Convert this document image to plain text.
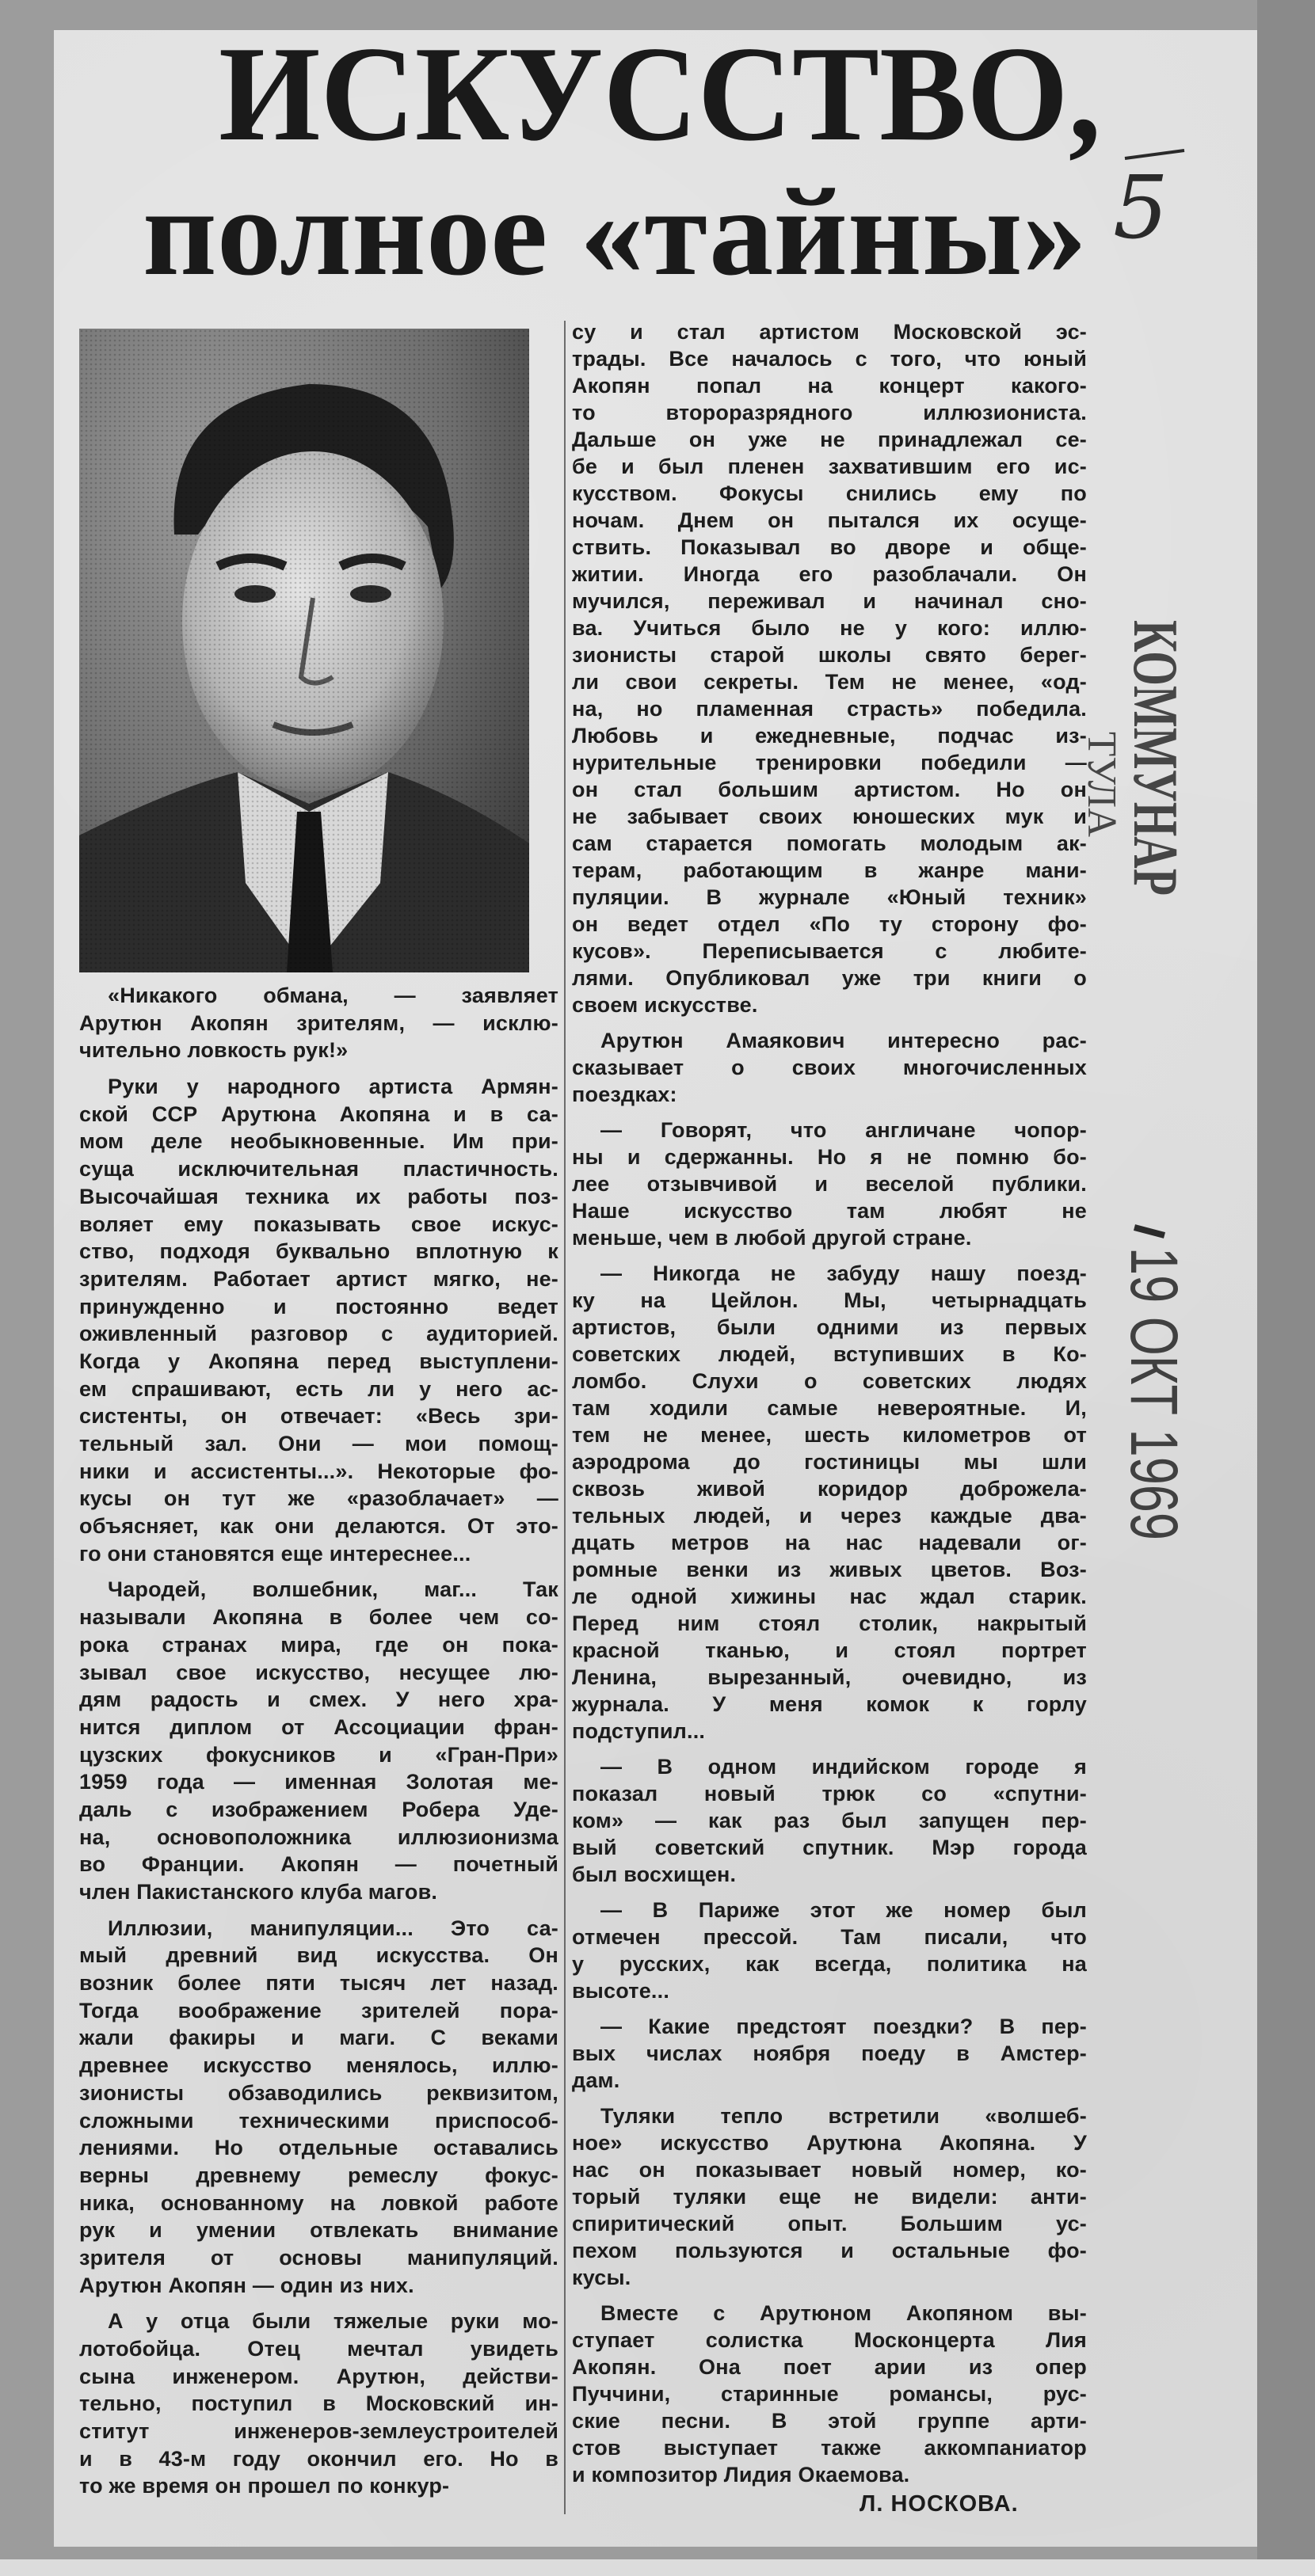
ИСКУССТВО,
полное «тайны» 5
КОММУНАР
ТУЛА
19 ОКТ 1969
«Никакого обмана, — заявляет
Арутюн Акопян зрителям, — исклю-
чительно ловкость рук!»
Руки у народного артиста Армян-
ской ССР Арутюна Акопяна и в са-
мом деле необыкновенные. Им при-
суща исключительная пластичность.
Высочайшая техника их работы поз-
воляет ему показывать свое искус-
ство, подходя буквально вплотную к
зрителям. Работает артист мягко, не-
принужденно и постоянно ведет
оживленный разговор с аудиторией.
Когда у Акопяна перед выступлени-
ем спрашивают, есть ли у него ас-
систенты, он отвечает: «Весь зри-
тельный зал. Они — мои помощ-
ники и ассистенты...». Некоторые фо-
кусы он тут же «разоблачает» —
объясняет, как они делаются. От это-
го они становятся еще интереснее...
Чародей, волшебник, маг... Так
называли Акопяна в более чем со-
рока странах мира, где он пока-
зывал свое искусство, несущее лю-
дям радость и смех. У него хра-
нится диплом от Ассоциации фран-
цузских фокусников и «Гран-При»
1959 года — именная Золотая ме-
даль с изображением Робера Уде-
на, основоположника иллюзионизма
во Франции. Акопян — почетный
член Пакистанского клуба магов.
Иллюзии, манипуляции... Это са-
мый древний вид искусства. Он
возник более пяти тысяч лет назад.
Тогда воображение зрителей пора-
жали факиры и маги. С веками
древнее искусство менялось, иллю-
зионисты обзаводились реквизитом,
сложными техническими приспособ-
лениями. Но отдельные оставались
верны древнему ремеслу фокус-
ника, основанному на ловкой работе
рук и умении отвлекать внимание
зрителя от основы манипуляций.
Арутюн Акопян — один из них.
А у отца были тяжелые руки мо-
лотобойца. Отец мечтал увидеть
сына инженером. Арутюн, действи-
тельно, поступил в Московский ин-
ститут инженеров-землеустроителей
и в 43-м году окончил его. Но в
то же время он прошел по конкур-
су и стал артистом Московской эс-
трады. Все началось с того, что юный
Акопян попал на концерт какого-
то второразрядного иллюзиониста.
Дальше он уже не принадлежал се-
бе и был пленен захватившим его ис-
кусством. Фокусы снились ему по
ночам. Днем он пытался их осуще-
ствить. Показывал во дворе и обще-
житии. Иногда его разоблачали. Он
мучился, переживал и начинал сно-
ва. Учиться было не у кого: иллю-
зионисты старой школы свято берег-
ли свои секреты. Тем не менее, «од-
на, но пламенная страсть» победила.
Любовь и ежедневные, подчас из-
нурительные тренировки победили —
он стал большим артистом. Но он
не забывает своих юношеских мук и
сам старается помогать молодым ак-
терам, работающим в жанре мани-
пуляции. В журнале «Юный техник»
он ведет отдел «По ту сторону фо-
кусов». Переписывается с любите-
лями. Опубликовал уже три книги о
своем искусстве.
Арутюн Амаякович интересно рас-
сказывает о своих многочисленных
поездках:
— Говорят, что англичане чопор-
ны и сдержанны. Но я не помню бо-
лее отзывчивой и веселой публики.
Наше искусство там любят не
меньше, чем в любой другой стране.
— Никогда не забуду нашу поезд-
ку на Цейлон. Мы, четырнадцать
артистов, были одними из первых
советских людей, вступивших в Ко-
ломбо. Слухи о советских людях
там ходили самые невероятные. И,
тем не менее, шесть километров от
аэродрома до гостиницы мы шли
сквозь живой коридор доброжела-
тельных людей, и через каждые два-
дцать метров на нас надевали ог-
ромные венки из живых цветов. Воз-
ле одной хижины нас ждал старик.
Перед ним стоял столик, накрытый
красной тканью, и стоял портрет
Ленина, вырезанный, очевидно, из
журнала. У меня комок к горлу
подступил...
— В одном индийском городе я
показал новый трюк со «спутни-
ком» — как раз был запущен пер-
вый советский спутник. Мэр города
был восхищен.
— В Париже этот же номер был
отмечен прессой. Там писали, что
у русских, как всегда, политика на
высоте...
— Какие предстоят поездки? В пер-
вых числах ноября поеду в Амстер-
дам.
Туляки тепло встретили «волшеб-
ное» искусство Арутюна Акопяна. У
нас он показывает новый номер, ко-
торый туляки еще не видели: анти-
спиритический опыт. Большим ус-
пехом пользуются и остальные фо-
кусы.
Вместе с Арутюном Акопяном вы-
ступает солистка Москонцерта Лия
Акопян. Она поет арии из опер
Пуччини, старинные романсы, рус-
ские песни. В этой группе арти-
стов выступает также аккомпаниатор
и композитор Лидия Окаемова.
Л. НОСКОВА.
